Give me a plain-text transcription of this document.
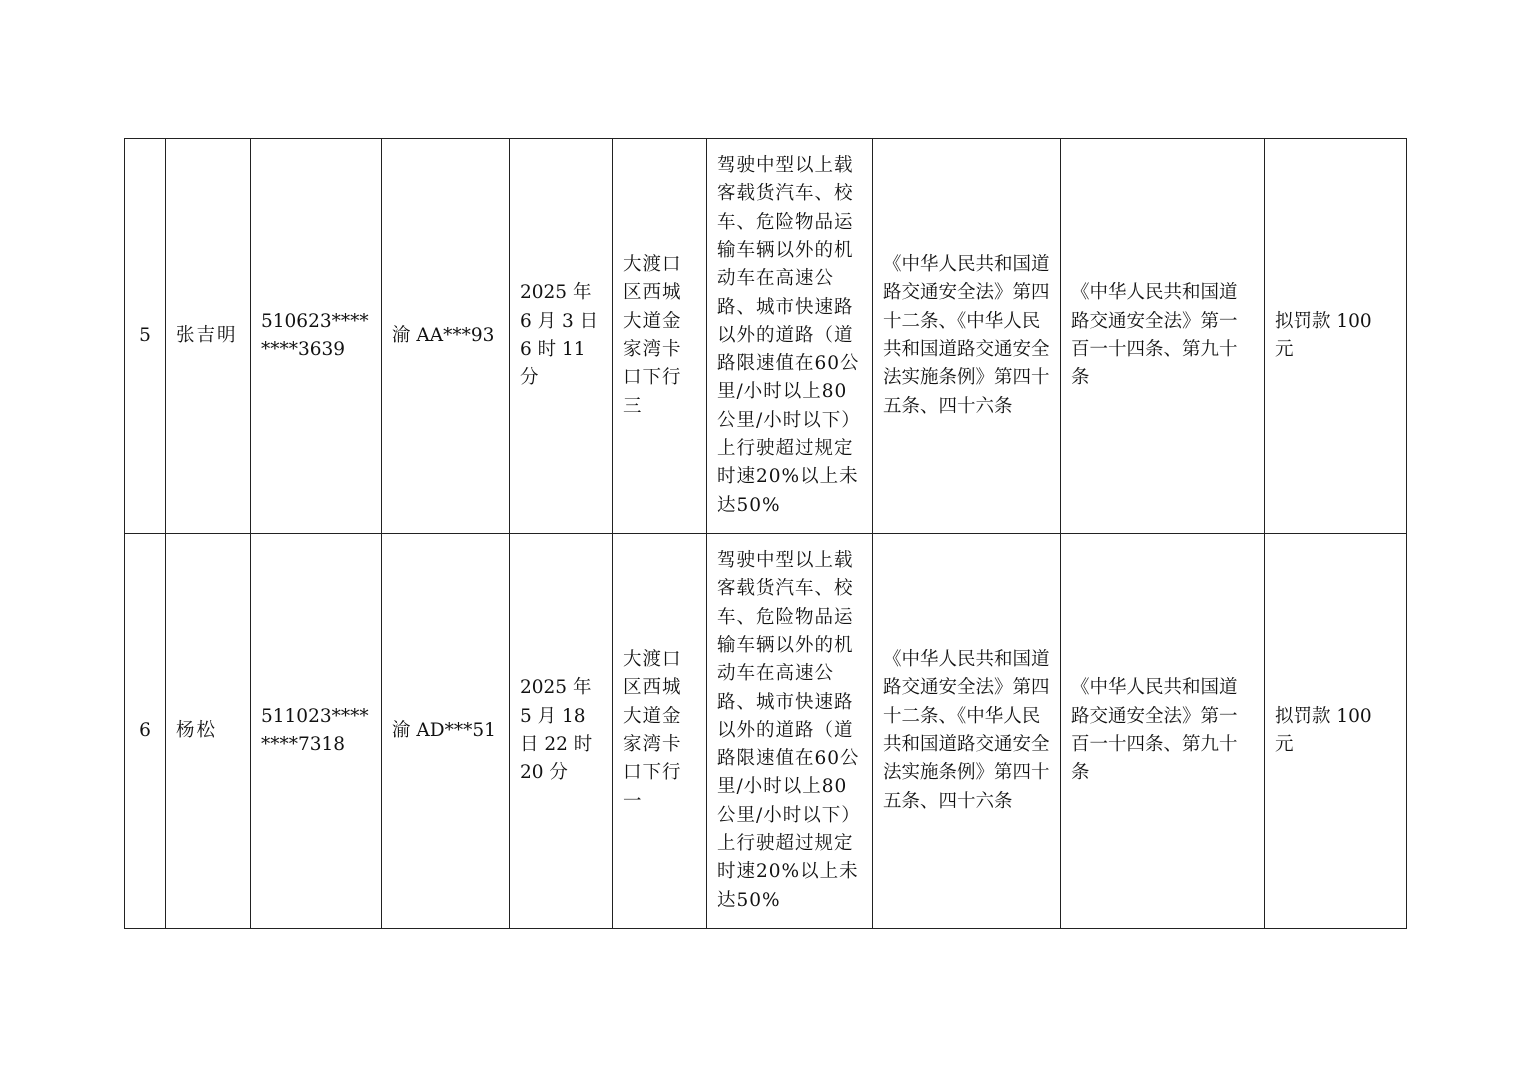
5	张吉明	510623********3639	渝 AA***93	2025 年 6 月 3 日 6 时 11 分	大渡口区西城大道金家湾卡口下行三	驾驶中型以上载客载货汽车、校车、危险物品运输车辆以外的机动车在高速公路、城市快速路以外的道路（道路限速值在60公里/小时以上80公里/小时以下）上行驶超过规定时速20%以上未达50%	《中华人民共和国道路交通安全法》第四十二条、《中华人民共和国道路交通安全法实施条例》第四十五条、四十六条	《中华人民共和国道路交通安全法》第一百一十四条、第九十条	拟罚款 100 元
6	杨松	511023********7318	渝 AD***51	2025 年 5 月 18 日 22 时 20 分	大渡口区西城大道金家湾卡口下行一	驾驶中型以上载客载货汽车、校车、危险物品运输车辆以外的机动车在高速公路、城市快速路以外的道路（道路限速值在60公里/小时以上80公里/小时以下）上行驶超过规定时速20%以上未达50%	《中华人民共和国道路交通安全法》第四十二条、《中华人民共和国道路交通安全法实施条例》第四十五条、四十六条	《中华人民共和国道路交通安全法》第一百一十四条、第九十条	拟罚款 100 元
